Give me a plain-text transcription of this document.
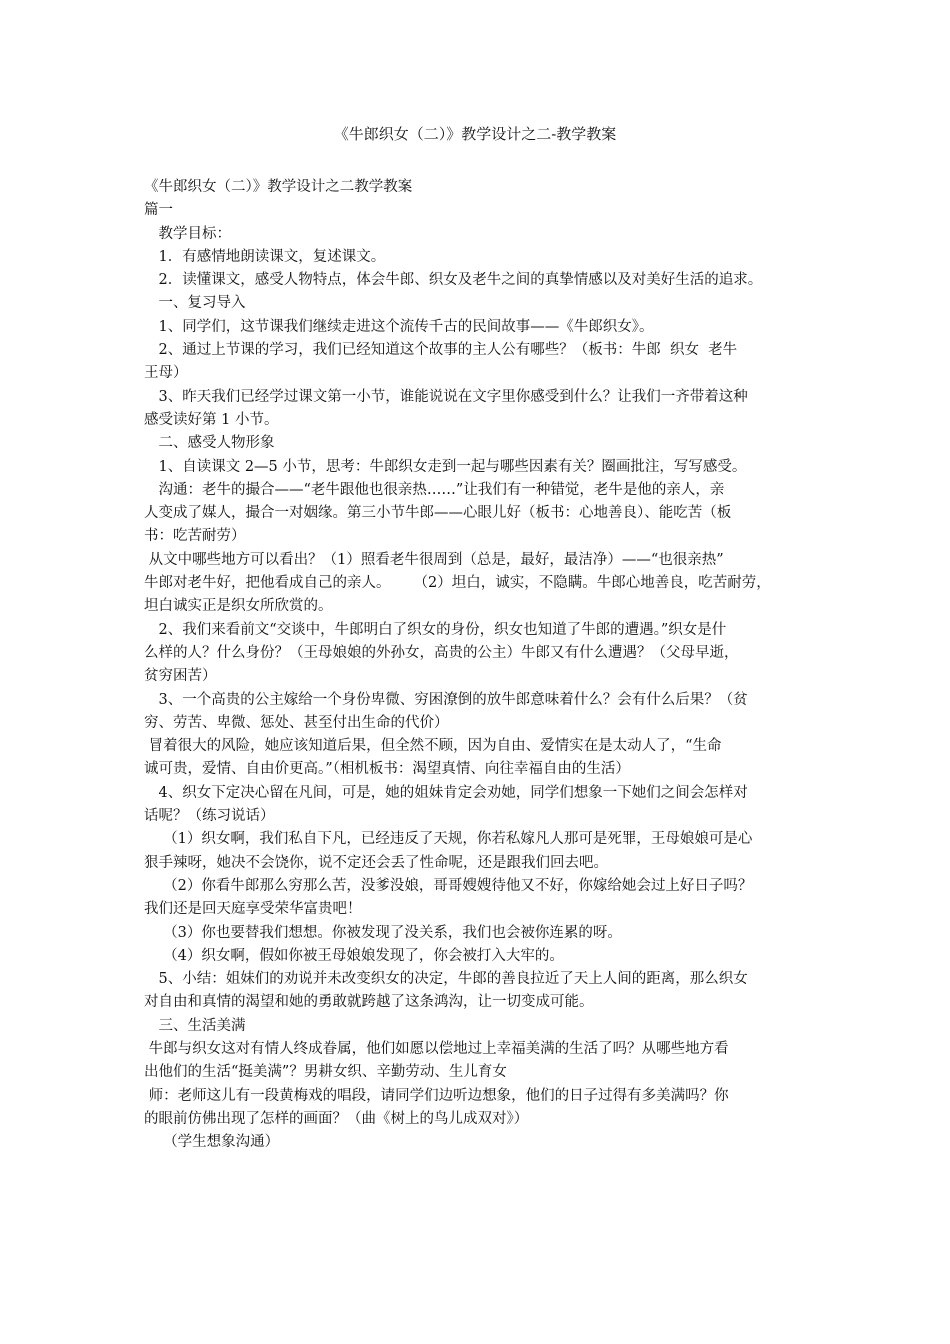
《牛郎织女（二）》教学设计之二-教学教案

《牛郎织女（二）》教学设计之二教学教案

篇一

　教学目标：

　1．有感情地朗读课文，复述课文。

　2．读懂课文，感受人物特点，体会牛郎、织女及老牛之间的真挚情感以及对美好生活的追求。

　一、复习导入

　1、同学们，这节课我们继续走进这个流传千古的民间故事——《牛郎织女》。

　2、通过上节课的学习，我们已经知道这个故事的主人公有哪些？（板书：牛郎  织女  老牛

王母）

　3、昨天我们已经学过课文第一小节，谁能说说在文字里你感受到什么？让我们一齐带着这种

感受读好第 1 小节。

　二、感受人物形象

　1、自读课文 2—5 小节，思考：牛郎织女走到一起与哪些因素有关？圈画批注，写写感受。

　沟通：老牛的撮合——“老牛跟他也很亲热……”让我们有一种错觉，老牛是他的亲人，亲

人变成了媒人，撮合一对姻缘。第三小节牛郎——心眼儿好（板书：心地善良）、能吃苦（板

书：吃苦耐劳）

从文中哪些地方可以看出？（1）照看老牛很周到（总是，最好，最洁净）——“也很亲热”

牛郎对老牛好，把他看成自己的亲人。     （2）坦白，诚实，不隐瞒。牛郎心地善良，吃苦耐劳，

坦白诚实正是织女所欣赏的。

　2、我们来看前文“交谈中，牛郎明白了织女的身份，织女也知道了牛郎的遭遇。”织女是什

么样的人？什么身份？（王母娘娘的外孙女，高贵的公主）牛郎又有什么遭遇？（父母早逝，

贫穷困苦）

　3、一个高贵的公主嫁给一个身份卑微、穷困潦倒的放牛郎意味着什么？会有什么后果？（贫

穷、劳苦、卑微、惩处、甚至付出生命的代价）

冒着很大的风险，她应该知道后果，但全然不顾，因为自由、爱情实在是太动人了，“生命

诚可贵，爱情、自由价更高。”（相机板书：渴望真情、向往幸福自由的生活）

　4、织女下定决心留在凡间，可是，她的姐妹肯定会劝她，同学们想象一下她们之间会怎样对

话呢？（练习说话）

　 （1）织女啊，我们私自下凡，已经违反了天规，你若私嫁凡人那可是死罪，王母娘娘可是心

狠手辣呀，她决不会饶你，说不定还会丢了性命呢，还是跟我们回去吧。

　 （2）你看牛郎那么穷那么苦，没爹没娘，哥哥嫂嫂待他又不好，你嫁给她会过上好日子吗？

我们还是回天庭享受荣华富贵吧！

　 （3）你也要替我们想想。你被发现了没关系，我们也会被你连累的呀。

　 （4）织女啊，假如你被王母娘娘发现了，你会被打入大牢的。

　5、小结：姐妹们的劝说并未改变织女的决定，牛郎的善良拉近了天上人间的距离，那么织女

对自由和真情的渴望和她的勇敢就跨越了这条鸿沟，让一切变成可能。

　三、生活美满

牛郎与织女这对有情人终成眷属，他们如愿以偿地过上幸福美满的生活了吗？从哪些地方看

出他们的生活“挺美满”？男耕女织、辛勤劳动、生儿育女

师：老师这儿有一段黄梅戏的唱段，请同学们边听边想象，他们的日子过得有多美满吗？你

的眼前仿佛出现了怎样的画面？（曲《树上的鸟儿成双对》）

　 （学生想象沟通）
